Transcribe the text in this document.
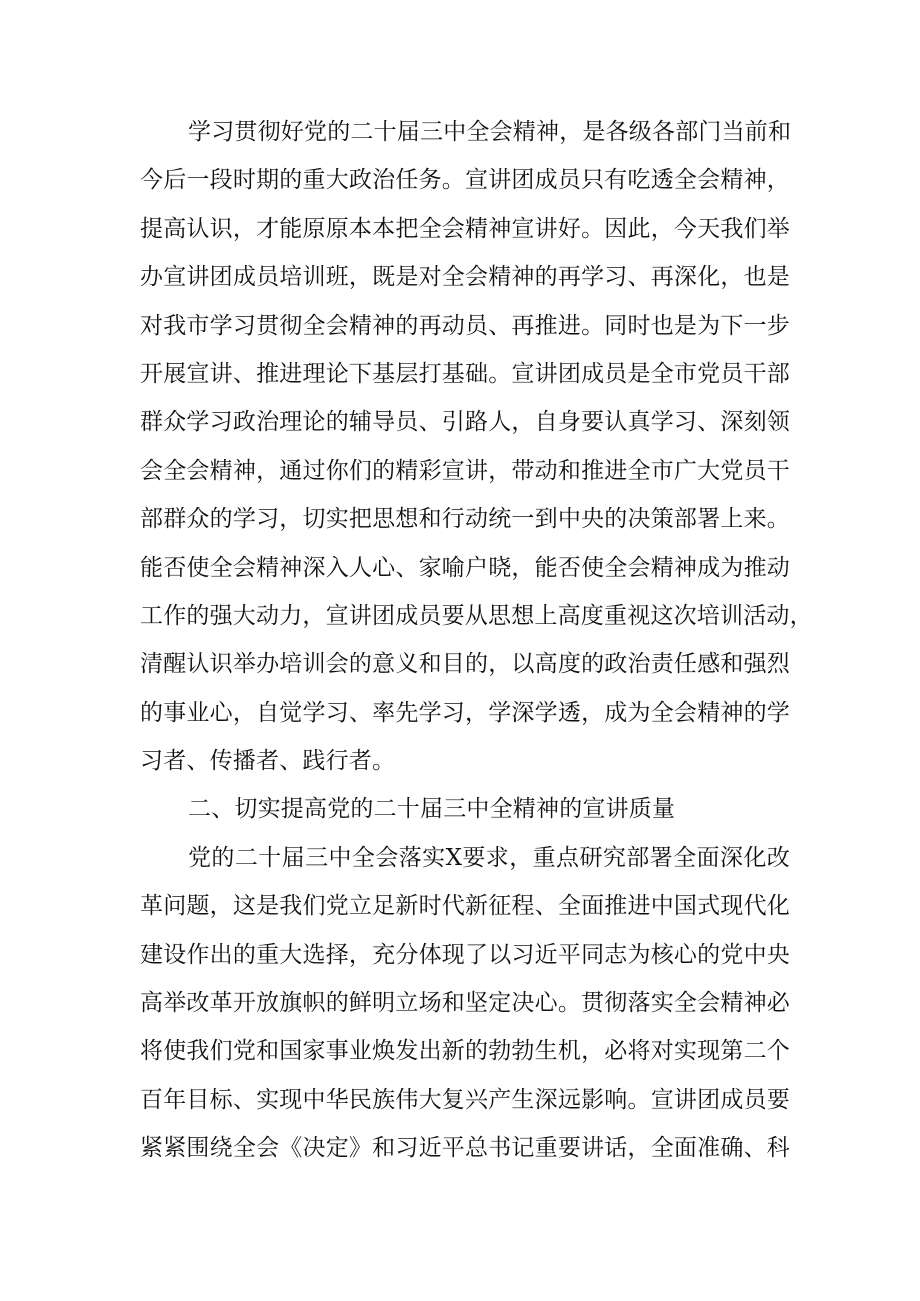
学习贯彻好党的二十届三中全会精神，是各级各部门当前和
今后一段时期的重大政治任务。宣讲团成员只有吃透全会精神，
提高认识，才能原原本本把全会精神宣讲好。因此，今天我们举
办宣讲团成员培训班，既是对全会精神的再学习、再深化，也是
对我市学习贯彻全会精神的再动员、再推进。同时也是为下一步
开展宣讲、推进理论下基层打基础。宣讲团成员是全市党员干部
群众学习政治理论的辅导员、引路人，自身要认真学习、深刻领
会全会精神，通过你们的精彩宣讲，带动和推进全市广大党员干
部群众的学习，切实把思想和行动统一到中央的决策部署上来。
能否使全会精神深入人心、家喻户晓，能否使全会精神成为推动
工作的强大动力，宣讲团成员要从思想上高度重视这次培训活动，
清醒认识举办培训会的意义和目的，以高度的政治责任感和强烈
的事业心，自觉学习、率先学习，学深学透，成为全会精神的学
习者、传播者、践行者。
二、切实提高党的二十届三中全精神的宣讲质量
党的二十届三中全会落实X要求，重点研究部署全面深化改
革问题，这是我们党立足新时代新征程、全面推进中国式现代化
建设作出的重大选择，充分体现了以习近平同志为核心的党中央
高举改革开放旗帜的鲜明立场和坚定决心。贯彻落实全会精神必
将使我们党和国家事业焕发出新的勃勃生机，必将对实现第二个
百年目标、实现中华民族伟大复兴产生深远影响。宣讲团成员要
紧紧围绕全会《决定》和习近平总书记重要讲话，全面准确、科
